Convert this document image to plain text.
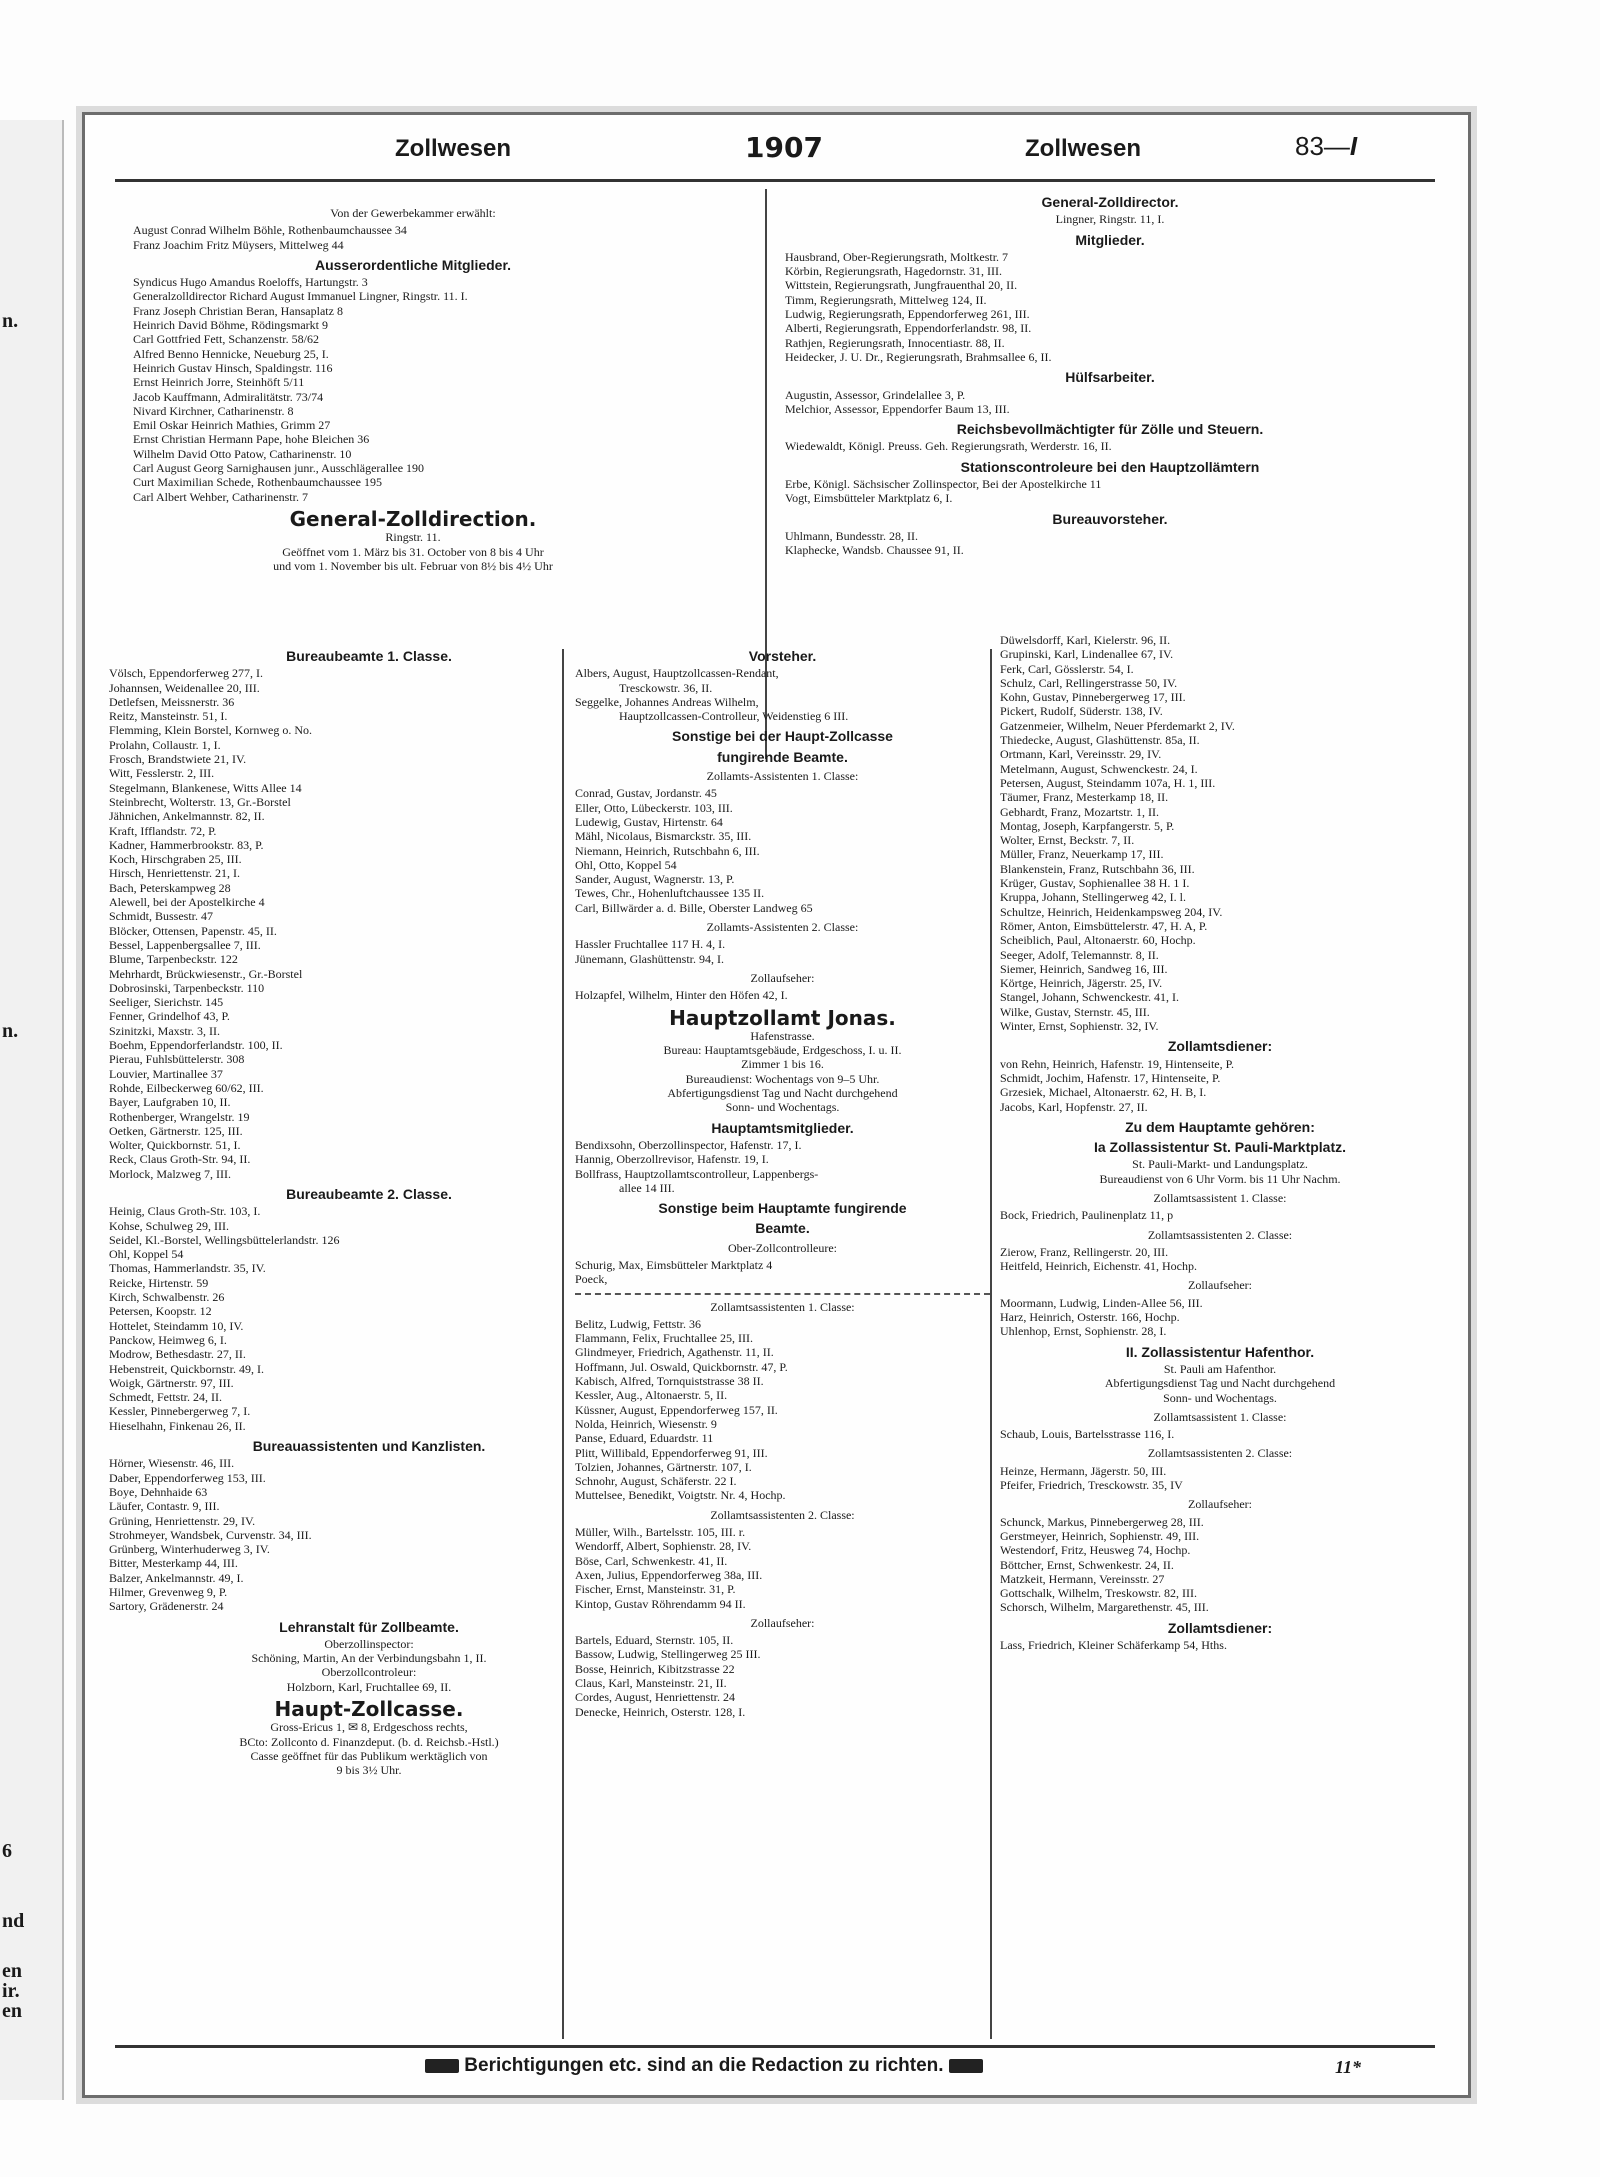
n.
n.
6
nd
en
ir.
en
Zollwesen	1907	Zollwesen	83—I
Von der Gewerbekammer erwählt:
August Conrad Wilhelm Böhle, Rothenbaumchaussee 34
Franz Joachim Fritz Müysers, Mittelweg 44
Ausserordentliche Mitglieder.
Syndicus Hugo Amandus Roeloffs, Hartungstr. 3
Generalzolldirector Richard August Immanuel Lingner, Ringstr. 11. I.
Franz Joseph Christian Beran, Hansaplatz 8
Heinrich David Böhme, Rödingsmarkt 9
Carl Gottfried Fett, Schanzenstr. 58/62
Alfred Benno Hennicke, Neueburg 25, I.
Heinrich Gustav Hinsch, Spaldingstr. 116
Ernst Heinrich Jorre, Steinhöft 5/11
Jacob Kauffmann, Admiralitätstr. 73/74
Nivard Kirchner, Catharinenstr. 8
Emil Oskar Heinrich Mathies, Grimm 27
Ernst Christian Hermann Pape, hohe Bleichen 36
Wilhelm David Otto Patow, Catharinenstr. 10
Carl August Georg Sarnighausen junr., Ausschlägerallee 190
Curt Maximilian Schede, Rothenbaumchaussee 195
Carl Albert Wehber, Catharinenstr. 7
General-Zolldirection.
Ringstr. 11.
Geöffnet vom 1. März bis 31. October von 8 bis 4 Uhr
und vom 1. November bis ult. Februar von 8½ bis 4½ Uhr
General-Zolldirector.
Lingner, Ringstr. 11, I.
Mitglieder.
Hausbrand, Ober-Regierungsrath, Moltkestr. 7
Körbin, Regierungsrath, Hagedornstr. 31, III.
Wittstein, Regierungsrath, Jungfrauenthal 20, II.
Timm, Regierungsrath, Mittelweg 124, II.
Ludwig, Regierungsrath, Eppendorferweg 261, III.
Alberti, Regierungsrath, Eppendorferlandstr. 98, II.
Rathjen, Regierungsrath, Innocentiastr. 88, II.
Heidecker, J. U. Dr., Regierungsrath, Brahmsallee 6, II.
Hülfsarbeiter.
Augustin, Assessor, Grindelallee 3, P.
Melchior, Assessor, Eppendorfer Baum 13, III.
Reichsbevollmächtigter für Zölle und Steuern.
Wiedewaldt, Königl. Preuss. Geh. Regierungsrath, Werderstr. 16, II.
Stationscontroleure bei den Hauptzollämtern
Erbe, Königl. Sächsischer Zollinspector, Bei der Apostelkirche 11
Vogt, Eimsbütteler Marktplatz 6, I.
Bureauvorsteher.
Uhlmann, Bundesstr. 28, II.
Klaphecke, Wandsb. Chaussee 91, II.
Bureaubeamte 1. Classe.
Völsch, Eppendorferweg 277, I.
Johannsen, Weidenallee 20, III.
Detlefsen, Meissnerstr. 36
Reitz, Mansteinstr. 51, I.
Flemming, Klein Borstel, Kornweg o. No.
Prolahn, Collaustr. 1, I.
Frosch, Brandstwiete 21, IV.
Witt, Fesslerstr. 2, III.
Stegelmann, Blankenese, Witts Allee 14
Steinbrecht, Wolterstr. 13, Gr.-Borstel
Jähnichen, Ankelmannstr. 82, II.
Kraft, Ifflandstr. 72, P.
Kadner, Hammerbrookstr. 83, P.
Koch, Hirschgraben 25, III.
Hirsch, Henriettenstr. 21, I.
Bach, Peterskampweg 28
Alewell, bei der Apostelkirche 4
Schmidt, Bussestr. 47
Blöcker, Ottensen, Papenstr. 45, II.
Bessel, Lappenbergsallee 7, III.
Blume, Tarpenbeckstr. 122
Mehrhardt, Brückwiesenstr., Gr.-Borstel
Dobrosinski, Tarpenbeckstr. 110
Seeliger, Sierichstr. 145
Fenner, Grindelhof 43, P.
Szinitzki, Maxstr. 3, II.
Boehm, Eppendorferlandstr. 100, II.
Pierau, Fuhlsbüttelerstr. 308
Louvier, Martinallee 37
Rohde, Eilbeckerweg 60/62, III.
Bayer, Laufgraben 10, II.
Rothenberger, Wrangelstr. 19
Oetken, Gärtnerstr. 125, III.
Wolter, Quickbornstr. 51, I.
Reck, Claus Groth-Str. 94, II.
Morlock, Malzweg 7, III.
Bureaubeamte 2. Classe.
Heinig, Claus Groth-Str. 103, I.
Kohse, Schulweg 29, III.
Seidel, Kl.-Borstel, Wellingsbüttelerlandstr. 126
Ohl, Koppel 54
Thomas, Hammerlandstr. 35, IV.
Reicke, Hirtenstr. 59
Kirch, Schwalbenstr. 26
Petersen, Koopstr. 12
Hottelet, Steindamm 10, IV.
Panckow, Heimweg 6, I.
Modrow, Bethesdastr. 27, II.
Hebenstreit, Quickbornstr. 49, I.
Woigk, Gärtnerstr. 97, III.
Schmedt, Fettstr. 24, II.
Kessler, Pinnebergerweg 7, I.
Hieselhahn, Finkenau 26, II.
Bureauassistenten und Kanzlisten.
Hörner, Wiesenstr. 46, III.
Daber, Eppendorferweg 153, III.
Boye, Dehnhaide 63
Läufer, Contastr. 9, III.
Grüning, Henriettenstr. 29, IV.
Strohmeyer, Wandsbek, Curvenstr. 34, III.
Grünberg, Winterhuderweg 3, IV.
Bitter, Mesterkamp 44, III.
Balzer, Ankelmannstr. 49, I.
Hilmer, Grevenweg 9, P.
Sartory, Grädenerstr. 24
Lehranstalt für Zollbeamte.
Oberzollinspector:
Schöning, Martin, An der Verbindungsbahn 1, II.
Oberzollcontroleur:
Holzborn, Karl, Fruchtallee 69, II.
Haupt-Zollcasse.
Gross-Ericus 1, ✉ 8, Erdgeschoss rechts,
BCto: Zollconto d. Finanzdeput. (b. d. Reichsb.-Hstl.)
Casse geöffnet für das Publikum werktäglich von
9 bis 3½ Uhr.
Vorsteher.
Albers, August, Hauptzollcassen-Rendant,
Tresckowstr. 36, II.
Seggelke, Johannes Andreas Wilhelm,
Hauptzollcassen-Controlleur, Weidenstieg 6 III.
Sonstige bei der Haupt-Zollcasse
fungirende Beamte.
Zollamts-Assistenten 1. Classe:
Conrad, Gustav, Jordanstr. 45
Eller, Otto, Lübeckerstr. 103, III.
Ludewig, Gustav, Hirtenstr. 64
Mähl, Nicolaus, Bismarckstr. 35, III.
Niemann, Heinrich, Rutschbahn 6, III.
Ohl, Otto, Koppel 54
Sander, August, Wagnerstr. 13, P.
Tewes, Chr., Hohenluftchaussee 135 II.
Carl, Billwärder a. d. Bille, Oberster Landweg 65
Zollamts-Assistenten 2. Classe:
Hassler Fruchtallee 117 H. 4, I.
Jünemann, Glashüttenstr. 94, I.
Zollaufseher:
Holzapfel, Wilhelm, Hinter den Höfen 42, I.
Hauptzollamt Jonas.
Hafenstrasse.
Bureau: Hauptamtsgebäude, Erdgeschoss, I. u. II.
Zimmer 1 bis 16.
Bureaudienst: Wochentags von 9–5 Uhr.
Abfertigungsdienst Tag und Nacht durchgehend
Sonn- und Wochentags.
Hauptamtsmitglieder.
Bendixsohn, Oberzollinspector, Hafenstr. 17, I.
Hannig, Oberzollrevisor, Hafenstr. 19, I.
Bollfrass, Hauptzollamtscontrolleur, Lappenbergs-
allee 14 III.
Sonstige beim Hauptamte fungirende
Beamte.
Ober-Zollcontrolleure:
Schurig, Max, Eimsbütteler Marktplatz 4
Poeck,
Zollamtsassistenten 1. Classe:
Belitz, Ludwig, Fettstr. 36
Flammann, Felix, Fruchtallee 25, III.
Glindmeyer, Friedrich, Agathenstr. 11, II.
Hoffmann, Jul. Oswald, Quickbornstr. 47, P.
Kabisch, Alfred, Tornquiststrasse 38 II.
Kessler, Aug., Altonaerstr. 5, II.
Küssner, August, Eppendorferweg 157, II.
Nolda, Heinrich, Wiesenstr. 9
Panse, Eduard, Eduardstr. 11
Plitt, Willibald, Eppendorferweg 91, III.
Tolzien, Johannes, Gärtnerstr. 107, I.
Schnohr, August, Schäferstr. 22 I.
Muttelsee, Benedikt, Voigtstr. Nr. 4, Hochp.
Zollamtsassistenten 2. Classe:
Müller, Wilh., Bartelsstr. 105, III. r.
Wendorff, Albert, Sophienstr. 28, IV.
Böse, Carl, Schwenkestr. 41, II.
Axen, Julius, Eppendorferweg 38a, III.
Fischer, Ernst, Mansteinstr. 31, P.
Kintop, Gustav Röhrendamm 94 II.
Zollaufseher:
Bartels, Eduard, Sternstr. 105, II.
Bassow, Ludwig, Stellingerweg 25 III.
Bosse, Heinrich, Kibitzstrasse 22
Claus, Karl, Mansteinstr. 21, II.
Cordes, August, Henriettenstr. 24
Denecke, Heinrich, Osterstr. 128, I.
Düwelsdorff, Karl, Kielerstr. 96, II.
Grupinski, Karl, Lindenallee 67, IV.
Ferk, Carl, Gösslerstr. 54, I.
Schulz, Carl, Rellingerstrasse 50, IV.
Kohn, Gustav, Pinnebergerweg 17, III.
Pickert, Rudolf, Süderstr. 138, IV.
Gatzenmeier, Wilhelm, Neuer Pferdemarkt 2, IV.
Thiedecke, August, Glashüttenstr. 85a, II.
Ortmann, Karl, Vereinsstr. 29, IV.
Metelmann, August, Schwenckestr. 24, I.
Petersen, August, Steindamm 107a, H. 1, III.
Täumer, Franz, Mesterkamp 18, II.
Gebhardt, Franz, Mozartstr. 1, II.
Montag, Joseph, Karpfangerstr. 5, P.
Wolter, Ernst, Beckstr. 7, II.
Müller, Franz, Neuerkamp 17, III.
Blankenstein, Franz, Rutschbahn 36, III.
Krüger, Gustav, Sophienallee 38 H. 1 I.
Kruppa, Johann, Stellingerweg 42, I. l.
Schultze, Heinrich, Heidenkampsweg 204, IV.
Römer, Anton, Eimsbüttelerstr. 47, H. A, P.
Scheiblich, Paul, Altonaerstr. 60, Hochp.
Seeger, Adolf, Telemannstr. 8, II.
Siemer, Heinrich, Sandweg 16, III.
Körtge, Heinrich, Jägerstr. 25, IV.
Stangel, Johann, Schwenckestr. 41, I.
Wilke, Gustav, Sternstr. 45, III.
Winter, Ernst, Sophienstr. 32, IV.
Zollamtsdiener:
von Rehn, Heinrich, Hafenstr. 19, Hintenseite, P.
Schmidt, Jochim, Hafenstr. 17, Hintenseite, P.
Grzesiek, Michael, Altonaerstr. 62, H. B, I.
Jacobs, Karl, Hopfenstr. 27, II.
Zu dem Hauptamte gehören:
Ia Zollassistentur St. Pauli-Marktplatz.
St. Pauli-Markt- und Landungsplatz.
Bureaudienst von 6 Uhr Vorm. bis 11 Uhr Nachm.
Zollamtsassistent 1. Classe:
Bock, Friedrich, Paulinenplatz 11, p
Zollamtsassistenten 2. Classe:
Zierow, Franz, Rellingerstr. 20, III.
Heitfeld, Heinrich, Eichenstr. 41, Hochp.
Zollaufseher:
Moormann, Ludwig, Linden-Allee 56, III.
Harz, Heinrich, Osterstr. 166, Hochp.
Uhlenhop, Ernst, Sophienstr. 28, I.
II. Zollassistentur Hafenthor.
St. Pauli am Hafenthor.
Abfertigungsdienst Tag und Nacht durchgehend
Sonn- und Wochentags.
Zollamtsassistent 1. Classe:
Schaub, Louis, Bartelsstrasse 116, I.
Zollamtsassistenten 2. Classe:
Heinze, Hermann, Jägerstr. 50, III.
Pfeifer, Friedrich, Tresckowstr. 35, IV
Zollaufseher:
Schunck, Markus, Pinnebergerweg 28, III.
Gerstmeyer, Heinrich, Sophienstr. 49, III.
Westendorf, Fritz, Heusweg 74, Hochp.
Böttcher, Ernst, Schwenkestr. 24, II.
Matzkeit, Hermann, Vereinsstr. 27
Gottschalk, Wilhelm, Treskowstr. 82, III.
Schorsch, Wilhelm, Margarethenstr. 45, III.
Zollamtsdiener:
Lass, Friedrich, Kleiner Schäferkamp 54, Hths.
Berichtigungen etc. sind an die Redaction zu richten.	11*
